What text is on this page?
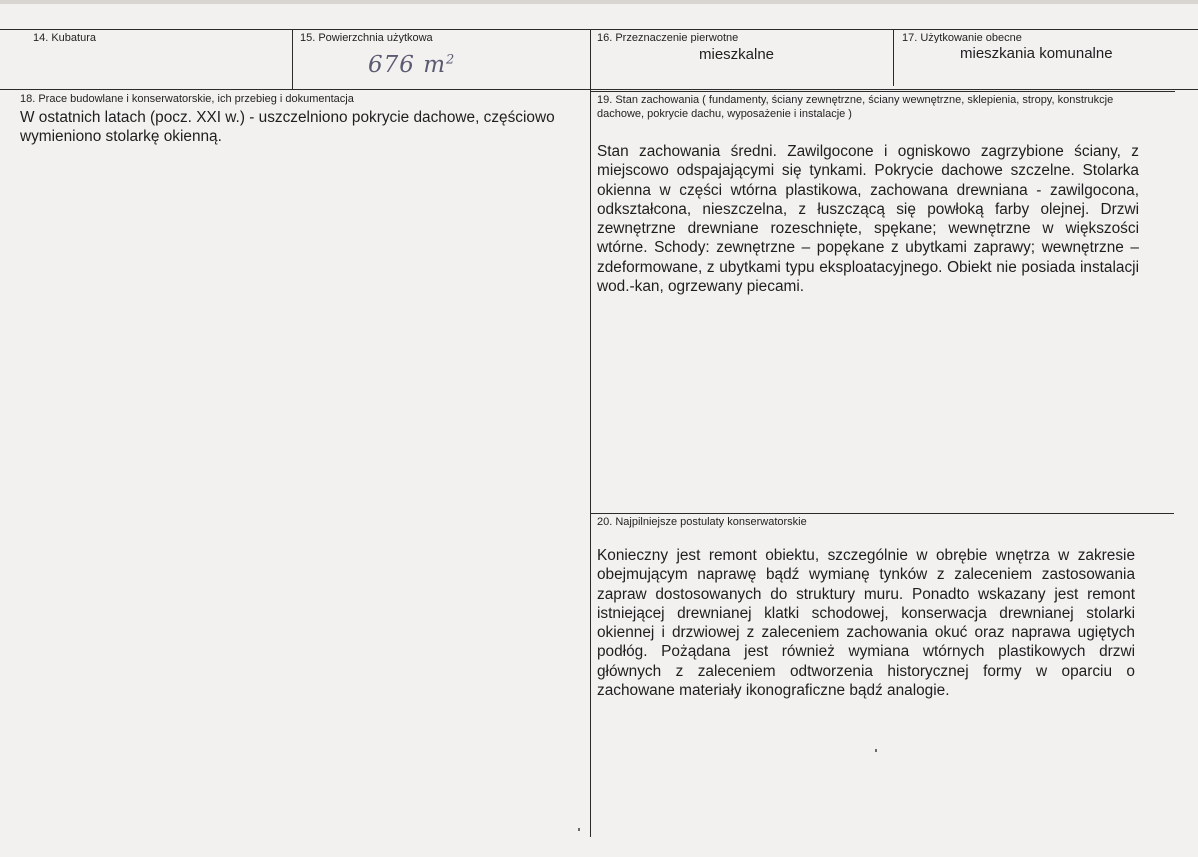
14. Kubatura	15. Powierzchnia użytkowa
676 $m^2$
16. Przeznaczenie pierwotne
mieszkalne
17. Użytkowanie obecne
mieszkania komunalne
18. Prace budowlane i konserwatorskie, ich przebieg i dokumentacja
W ostatnich latach (pocz. XXI w.) - uszczelniono pokrycie dachowe, częściowo wymieniono stolarkę okienną.
19. Stan zachowania ( fundamenty, ściany zewnętrzne, ściany wewnętrzne, sklepienia, stropy, konstrukcje dachowe, pokrycie dachu, wyposażenie i instalacje )
Stan zachowania średni. Zawilgocone i ogniskowo zagrzybione ściany, z miejscowo odspajającymi się tynkami. Pokrycie dachowe szczelne. Stolarka okienna w części wtórna plastikowa, zachowana drewniana - zawilgocona, odkształcona, nieszczelna, z łuszczącą się powłoką farby olejnej. Drzwi zewnętrzne drewniane rozeschnięte, spękane; wewnętrzne w większości wtórne. Schody: zewnętrzne – popękane z ubytkami zaprawy; wewnętrzne – zdeformowane, z ubytkami typu eksploatacyjnego. Obiekt nie posiada instalacji wod.-kan, ogrzewany piecami.
20. Najpilniejsze postulaty konserwatorskie
Konieczny jest remont obiektu, szczególnie w obrębie wnętrza w zakresie obejmującym naprawę bądź wymianę tynków z zaleceniem zastosowania zapraw dostosowanych do struktury muru. Ponadto wskazany jest remont istniejącej drewnianej klatki schodowej, konserwacja drewnianej stolarki okiennej i drzwiowej z zaleceniem zachowania okuć oraz naprawa ugiętych podłóg. Pożądana jest również wymiana wtórnych plastikowych drzwi głównych z zaleceniem odtworzenia historycznej formy w oparciu o zachowane materiały ikonograficzne bądź analogie.
